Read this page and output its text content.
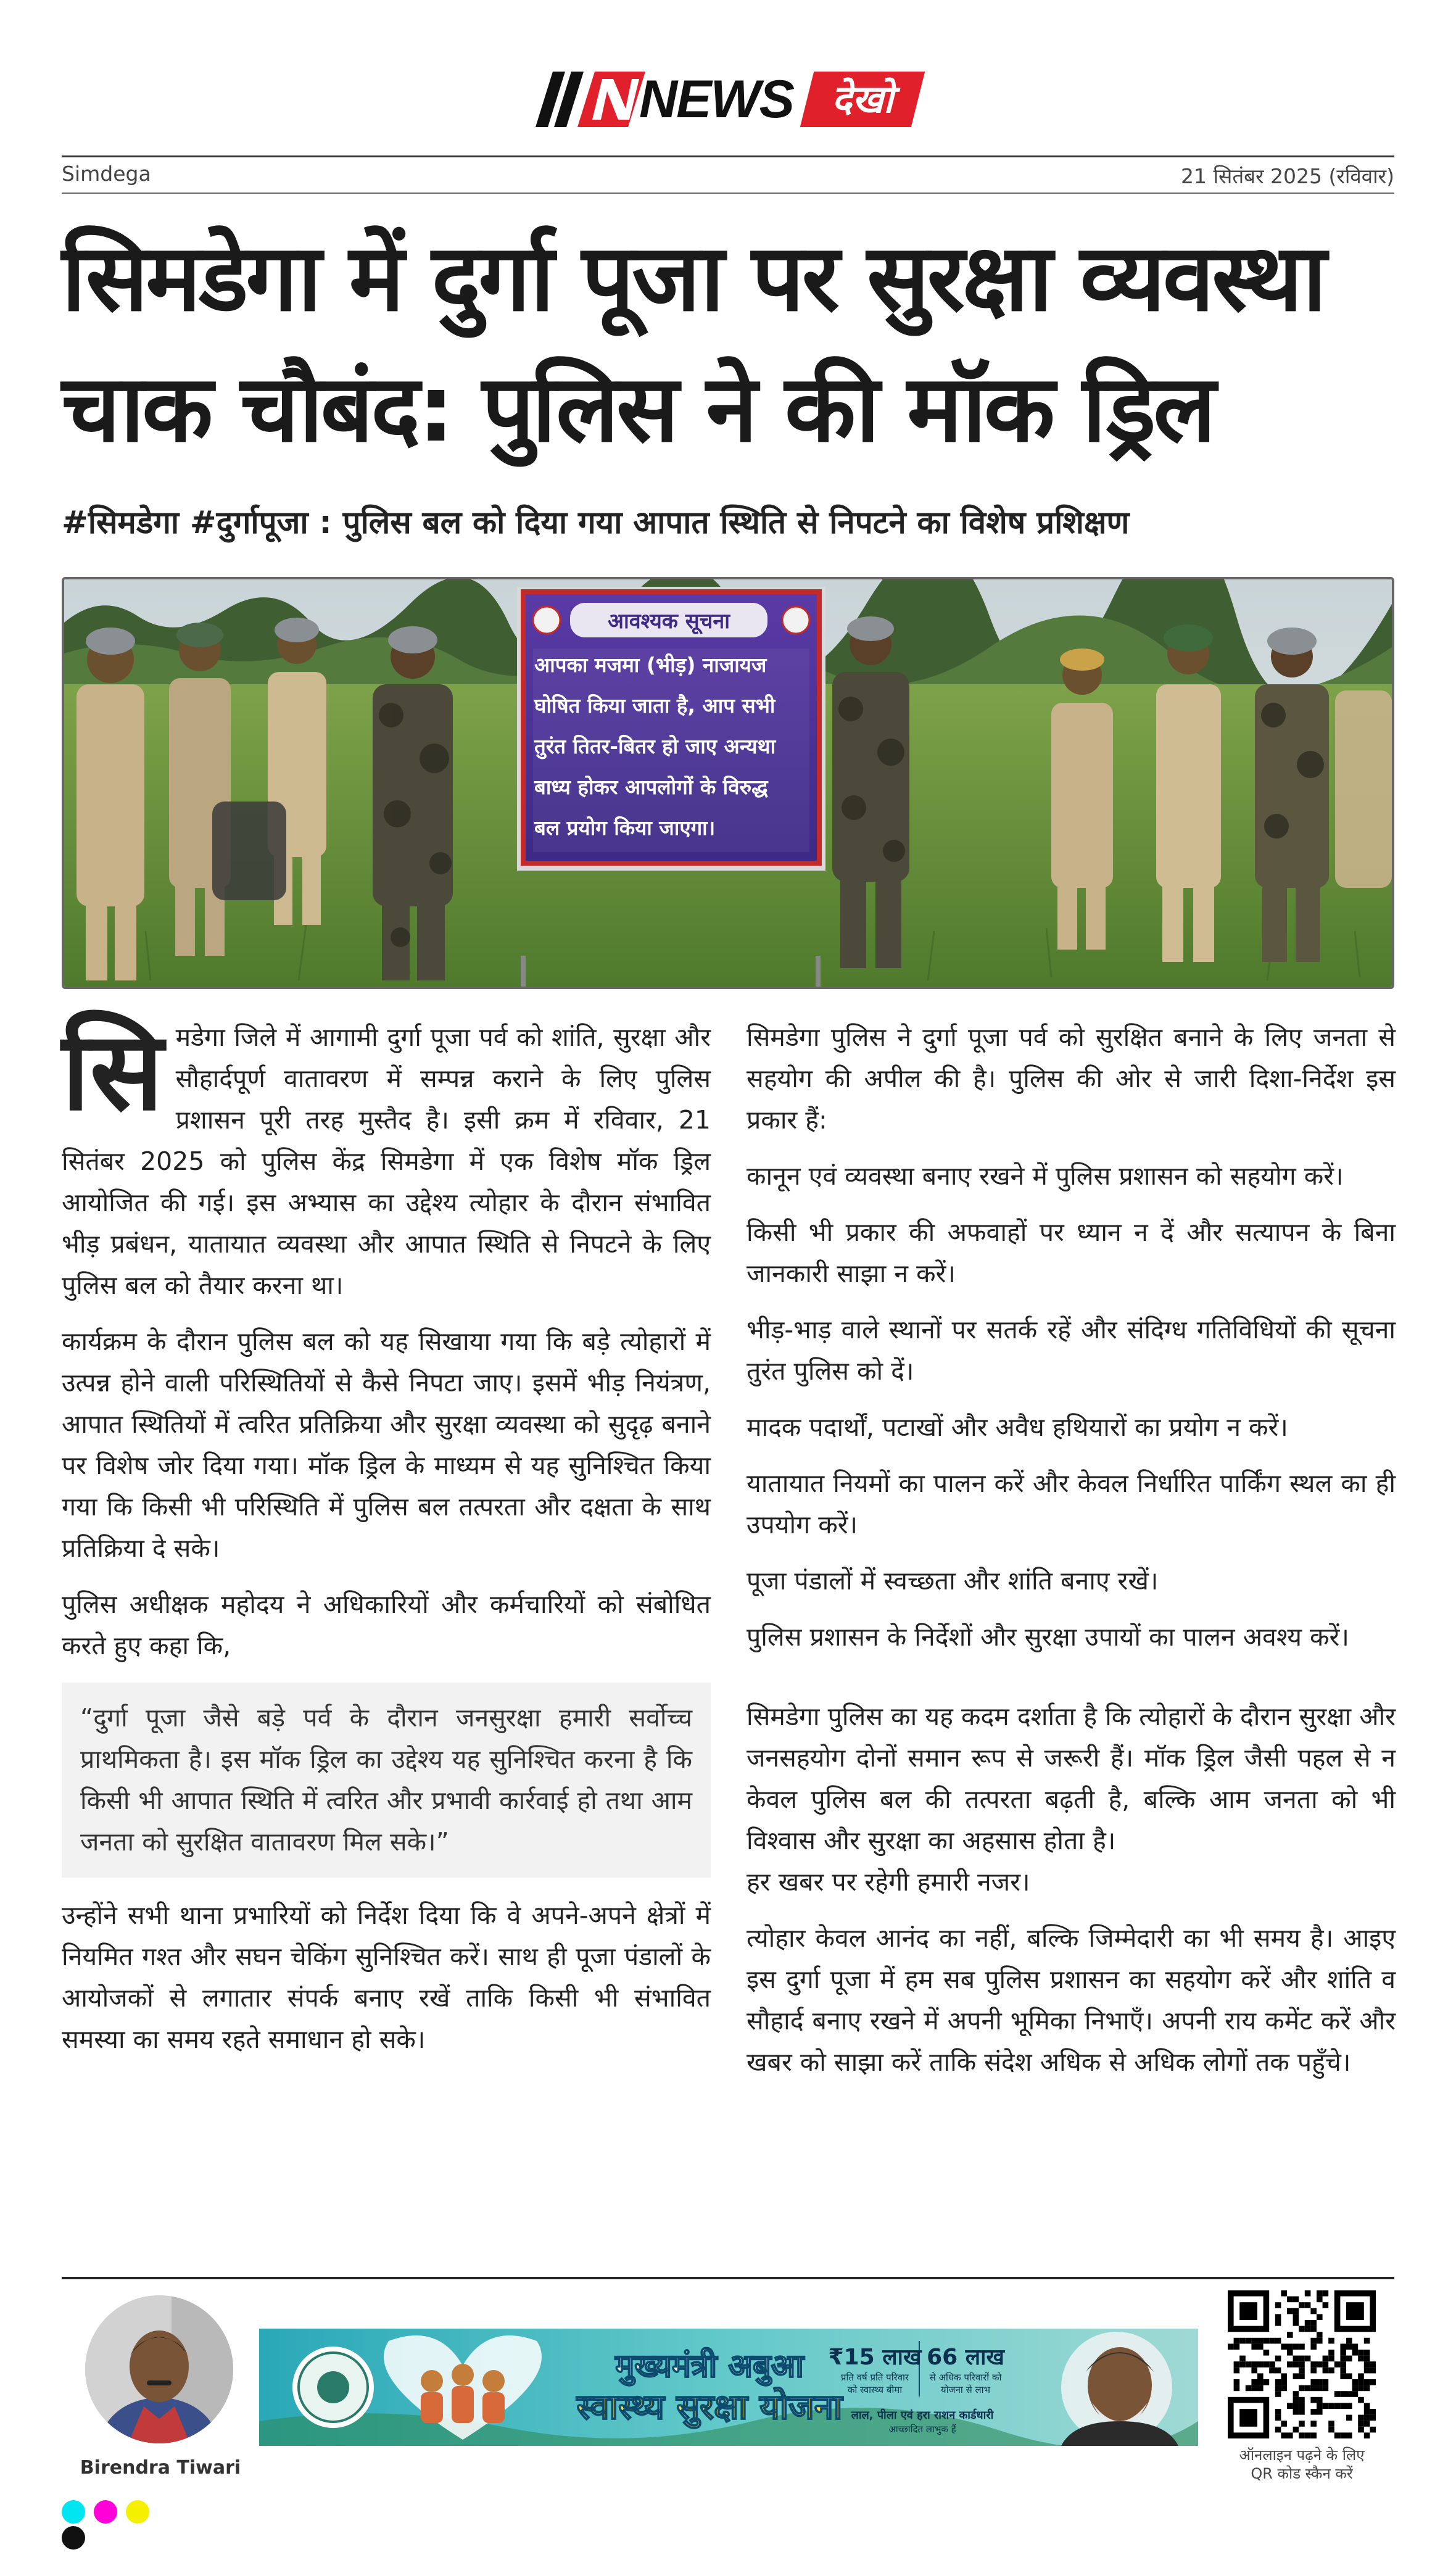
NEWS	देखो
Simdega	21 सितंबर 2025 (रविवार)
सिमडेगा में दुर्गा पूजा पर सुरक्षा व्यवस्था
चाक चौबंद: पुलिस ने की मॉक ड्रिल
#सिमडेगा #दुर्गापूजा : पुलिस बल को दिया गया आपात स्थिति से निपटने का विशेष प्रशिक्षण
आवश्यक सूचना
आपका मजमा (भीड़) नाजायज
घोषित किया जाता है, आप सभी
तुरंत तितर-बितर हो जाए अन्यथा
बाध्य होकर आपलोगों के विरुद्ध
बल प्रयोग किया जाएगा।

सिमडेगा जिले में आगामी दुर्गा पूजा पर्व को शांति, सुरक्षा और सौहार्दपूर्ण वातावरण में सम्पन्न कराने के लिए पुलिस प्रशासन पूरी तरह मुस्तैद है। इसी क्रम में रविवार, 21 सितंबर 2025 को पुलिस केंद्र सिमडेगा में एक विशेष मॉक ड्रिल आयोजित की गई। इस अभ्यास का उद्देश्य त्योहार के दौरान संभावित भीड़ प्रबंधन, यातायात व्यवस्था और आपात स्थिति से निपटने के लिए पुलिस बल को तैयार करना था।

कार्यक्रम के दौरान पुलिस बल को यह सिखाया गया कि बड़े त्योहारों में उत्पन्न होने वाली परिस्थितियों से कैसे निपटा जाए। इसमें भीड़ नियंत्रण, आपात स्थितियों में त्वरित प्रतिक्रिया और सुरक्षा व्यवस्था को सुदृढ़ बनाने पर विशेष जोर दिया गया। मॉक ड्रिल के माध्यम से यह सुनिश्चित किया गया कि किसी भी परिस्थिति में पुलिस बल तत्परता और दक्षता के साथ प्रतिक्रिया दे सके।

पुलिस अधीक्षक महोदय ने अधिकारियों और कर्मचारियों को संबोधित करते हुए कहा कि,

“दुर्गा पूजा जैसे बड़े पर्व के दौरान जनसुरक्षा हमारी सर्वोच्च प्राथमिकता है। इस मॉक ड्रिल का उद्देश्य यह सुनिश्चित करना है कि किसी भी आपात स्थिति में त्वरित और प्रभावी कार्रवाई हो तथा आम जनता को सुरक्षित वातावरण मिल सके।”

उन्होंने सभी थाना प्रभारियों को निर्देश दिया कि वे अपने-अपने क्षेत्रों में नियमित गश्त और सघन चेकिंग सुनिश्चित करें। साथ ही पूजा पंडालों के आयोजकों से लगातार संपर्क बनाए रखें ताकि किसी भी संभावित समस्या का समय रहते समाधान हो सके।

सिमडेगा पुलिस ने दुर्गा पूजा पर्व को सुरक्षित बनाने के लिए जनता से सहयोग की अपील की है। पुलिस की ओर से जारी दिशा-निर्देश इस प्रकार हैं:

कानून एवं व्यवस्था बनाए रखने में पुलिस प्रशासन को सहयोग करें।

किसी भी प्रकार की अफवाहों पर ध्यान न दें और सत्यापन के बिना जानकारी साझा न करें।

भीड़-भाड़ वाले स्थानों पर सतर्क रहें और संदिग्ध गतिविधियों की सूचना तुरंत पुलिस को दें।

मादक पदार्थों, पटाखों और अवैध हथियारों का प्रयोग न करें।

यातायात नियमों का पालन करें और केवल निर्धारित पार्किंग स्थल का ही उपयोग करें।

पूजा पंडालों में स्वच्छता और शांति बनाए रखें।

पुलिस प्रशासन के निर्देशों और सुरक्षा उपायों का पालन अवश्य करें।

सिमडेगा पुलिस का यह कदम दर्शाता है कि त्योहारों के दौरान सुरक्षा और जनसहयोग दोनों समान रूप से जरूरी हैं। मॉक ड्रिल जैसी पहल से न केवल पुलिस बल की तत्परता बढ़ती है, बल्कि आम जनता को भी विश्वास और सुरक्षा का अहसास होता है।

हर खबर पर रहेगी हमारी नजर।

त्योहार केवल आनंद का नहीं, बल्कि जिम्मेदारी का भी समय है। आइए इस दुर्गा पूजा में हम सब पुलिस प्रशासन का सहयोग करें और शांति व सौहार्द बनाए रखने में अपनी भूमिका निभाएँ। अपनी राय कमेंट करें और खबर को साझा करें ताकि संदेश अधिक से अधिक लोगों तक पहुँचे।

Birendra Tiwari
मुख्यमंत्री अबुआ
स्वास्थ्य सुरक्षा योजना
₹15 लाख
प्रति वर्ष प्रति परिवार
को स्वास्थ्य बीमा
66 लाख
से अधिक परिवारों को
योजना से लाभ
लाल, पीला एवं हरा राशन कार्डधारी
आच्छादित लाभुक हैं
ऑनलाइन पढ़ने के लिए
QR कोड स्कैन करें
